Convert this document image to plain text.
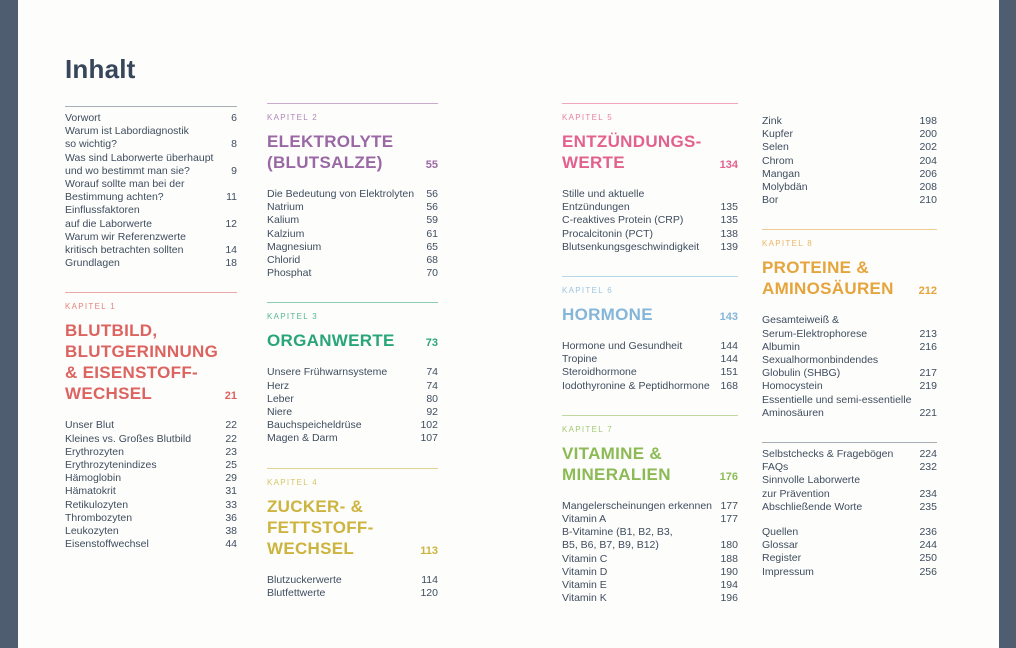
Inhalt
Vorwort	6
Warum ist Labordiagnostik
so wichtig?	8
Was sind Laborwerte überhaupt
und wo bestimmt man sie?	9
Worauf sollte man bei der
Bestimmung achten?	11
Einflussfaktoren
auf die Laborwerte	12
Warum wir Referenzwerte
kritisch betrachten sollten	14
Grundlagen	18
KAPITEL 1
BLUTBILD,
BLUTGERINNUNG
& EISENSTOFF-
WECHSEL	21
Unser Blut	22
Kleines vs. Großes Blutbild	22
Erythrozyten	23
Erythrozytenindizes	25
Hämoglobin	29
Hämatokrit	31
Retikulozyten	33
Thrombozyten	36
Leukozyten	38
Eisenstoffwechsel	44
KAPITEL 2
ELEKTROLYTE
(BLUTSALZE)	55
Die Bedeutung von Elektrolyten	56
Natrium	56
Kalium	59
Kalzium	61
Magnesium	65
Chlorid	68
Phosphat	70
KAPITEL 3
ORGANWERTE	73
Unsere Frühwarnsysteme	74
Herz	74
Leber	80
Niere	92
Bauchspeicheldrüse	102
Magen & Darm	107
KAPITEL 4
ZUCKER- &
FETTSTOFF-
WECHSEL	113
Blutzuckerwerte	114
Blutfettwerte	120
KAPITEL 5
ENTZÜNDUNGS-
WERTE	134
Stille und aktuelle
Entzündungen	135
C-reaktives Protein (CRP)	135
Procalcitonin (PCT)	138
Blutsenkungsgeschwindigkeit	139
KAPITEL 6
HORMONE	143
Hormone und Gesundheit	144
Tropine	144
Steroidhormone	151
Iodothyronine & Peptidhormone	168
KAPITEL 7
VITAMINE &
MINERALIEN	176
Mangelerscheinungen erkennen 177
Vitamin A	177
B-Vitamine (B1, B2, B3,
B5, B6, B7, B9, B12)	180
Vitamin C	188
Vitamin D	190
Vitamin E	194
Vitamin K	196
Zink	198
Kupfer	200
Selen	202
Chrom	204
Mangan	206
Molybdän	208
Bor	210
KAPITEL 8
PROTEINE &
AMINOSÄUREN 212
Gesamteiweiß &
Serum-Elektrophorese	213
Albumin	216
Sexualhormonbindendes
Globulin (SHBG)	217
Homocystein	219
Essentielle und semi-essentielle
Aminosäuren	221
Selbstchecks & Fragebögen	224
FAQs	232
Sinnvolle Laborwerte
zur Prävention	234
Abschließende Worte	235
Quellen	236
Glossar	244
Register	250
Impressum	256
